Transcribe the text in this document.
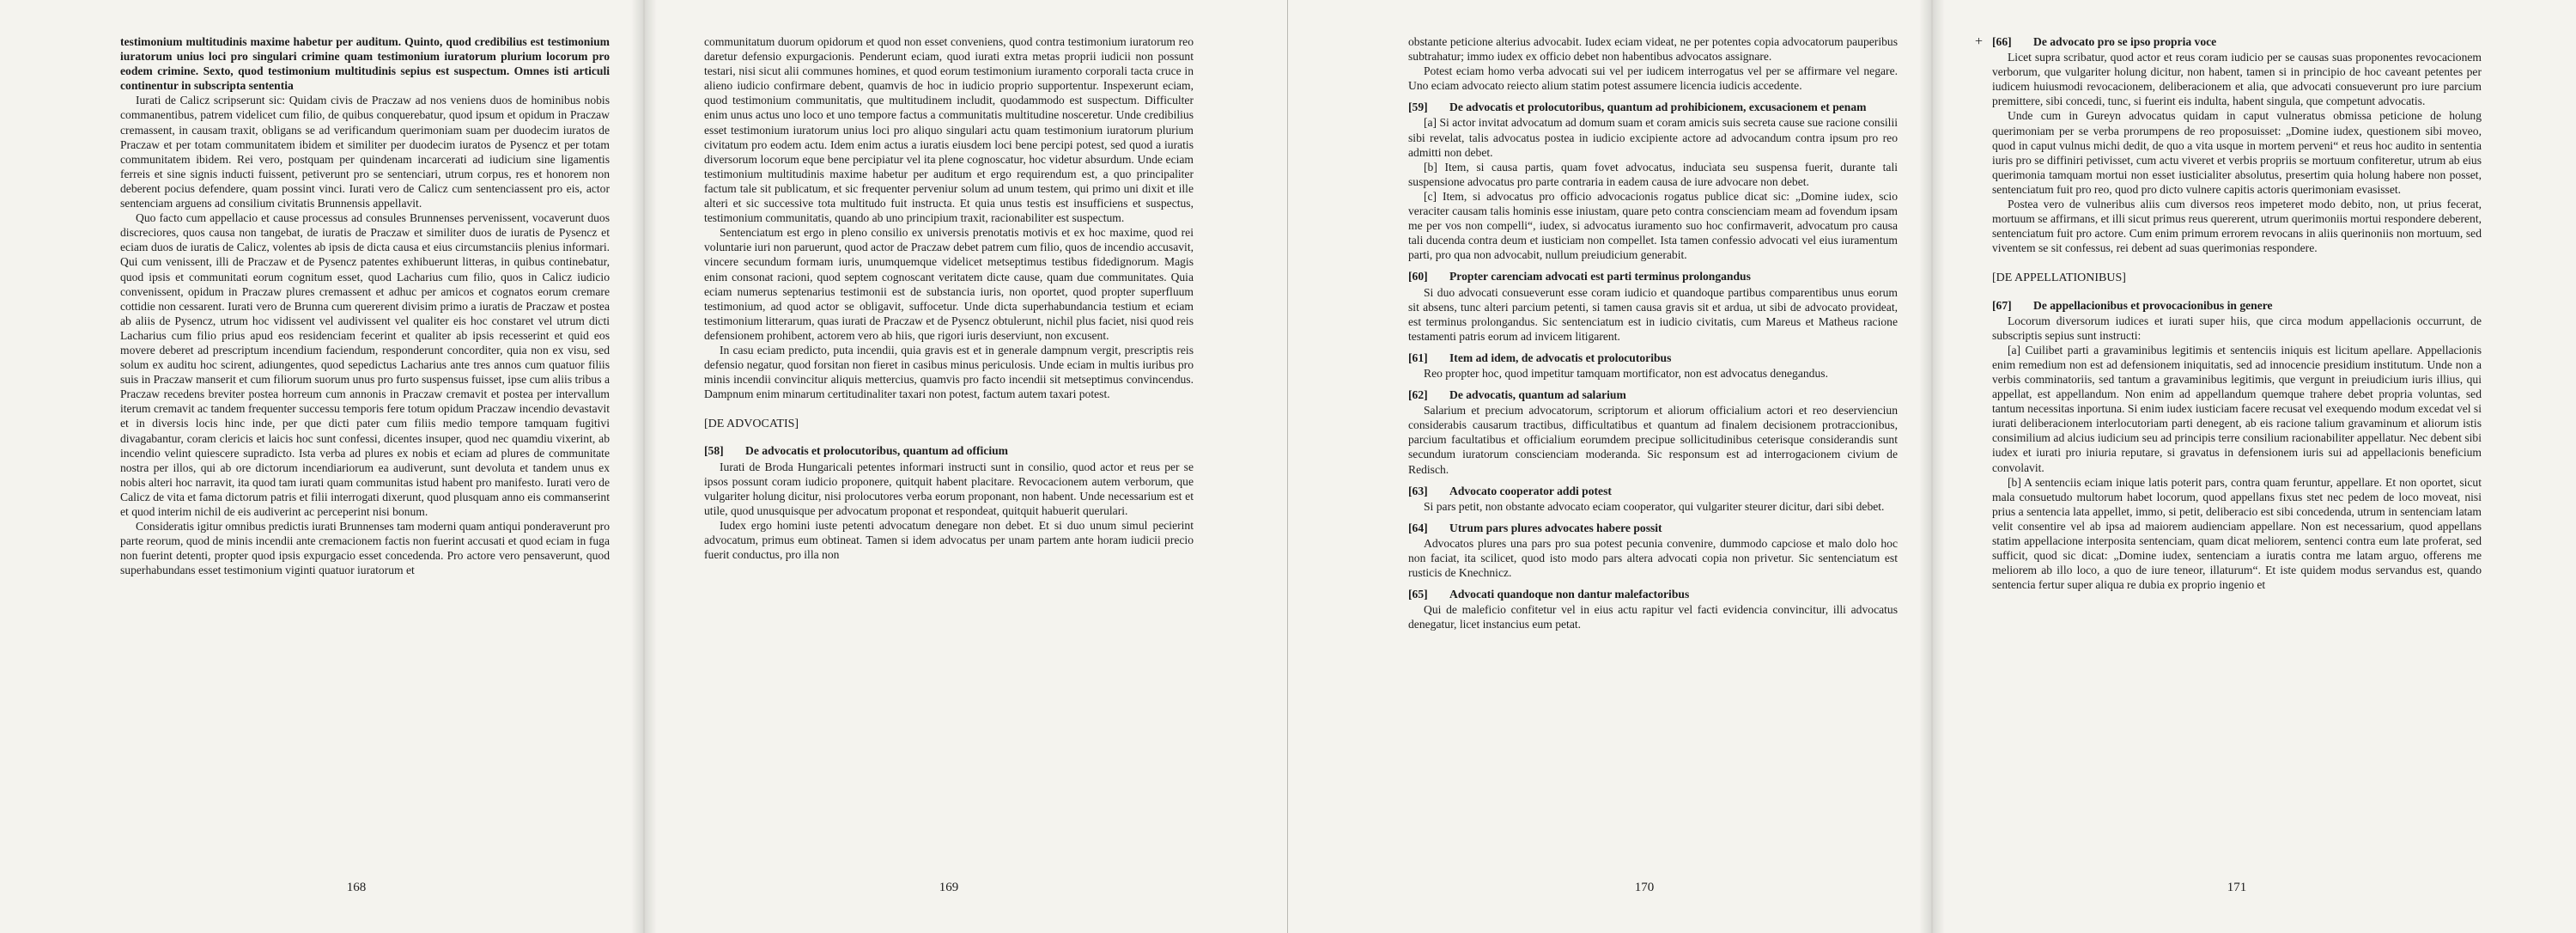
testimonium multitudinis maxime habetur per auditum. Quinto, quod credibilius est testimonium iuratorum unius loci pro singulari crimine quam testimonium iuratorum plurium locorum pro eodem crimine. Sexto, quod testimonium multitudinis sepius est suspectum. Omnes isti articuli continentur in subscripta sententia

Iurati de Calicz scripserunt sic: Quidam civis de Praczaw ad nos veniens duos de hominibus nobis commanentibus, patrem videlicet cum filio, de quibus conquerebatur, quod ipsum et opidum in Praczaw cremassent, in causam traxit, obligans se ad verificandum querimoniam suam per duodecim iuratos de Praczaw et per totam communitatem ibidem et similiter per duodecim iuratos de Pysencz et per totam communitatem ibidem. Rei vero, postquam per quindenam incarcerati ad iudicium sine ligamentis ferreis et sine signis inducti fuissent, petiverunt pro se sentenciari, utrum corpus, res et honorem non deberent pocius defendere, quam possint vinci. Iurati vero de Calicz cum sentenciassent pro eis, actor sentenciam arguens ad consilium civitatis Brunnensis appellavit.

Quo facto cum appellacio et cause processus ad consules Brunnenses pervenissent, vocaverunt duos discreciores, quos causa non tangebat, de iuratis de Praczaw et similiter duos de iuratis de Pysencz et eciam duos de iuratis de Calicz, volentes ab ipsis de dicta causa et eius circumstanciis plenius informari. Qui cum venissent, illi de Praczaw et de Pysencz patentes exhibuerunt litteras, in quibus continebatur, quod ipsis et communitati eorum cognitum esset, quod Lacharius cum filio, quos in Calicz iudicio convenissent, opidum in Praczaw plures cremassent et adhuc per amicos et cognatos eorum cremare cottidie non cessarent. Iurati vero de Brunna cum quererent divisim primo a iuratis de Praczaw et postea ab aliis de Pysencz, utrum hoc vidissent vel audivissent vel qualiter eis hoc constaret vel utrum dicti Lacharius cum filio prius apud eos residenciam fecerint et qualiter ab ipsis recesserint et quid eos movere deberet ad prescriptum incendium faciendum, responderunt concorditer, quia non ex visu, sed solum ex auditu hoc scirent, adiungentes, quod sepedictus Lacharius ante tres annos cum quatuor filiis suis in Praczaw manserit et cum filiorum suorum unus pro furto suspensus fuisset, ipse cum aliis tribus a Praczaw recedens breviter posteа horreum cum annonis in Praczaw cremavit et postea per intervallum iterum cremavit ac tandem frequenter successu temporis fere totum opidum Praczaw incendio devastavit et in diversis locis hinc inde, per que dicti pater cum filiis medio tempore tamquam fugitivi divagabantur, coram clericis et laicis hoc sunt confessi, dicentes insuper, quod nec quamdiu vixerint, ab incendio velint quiescere supradicto. Ista verba ad plures ex nobis et eciam ad plures de communitate nostra per illos, qui ab ore dictorum incendiariorum ea audiverunt, sunt devoluta et tandem unus ex nobis alteri hoc narravit, ita quod tam iurati quam communitas istud habent pro manifesto. Iurati vero de Calicz de vita et fama dictorum patris et filii interrogati dixerunt, quod plusquam anno eis commanserint et quod interim nichil de eis audiverint ac perceperint nisi bonum.

Consideratis igitur omnibus predictis iurati Brunnenses tam moderni quam antiqui ponderaverunt pro parte reorum, quod de minis incendii ante cremacionem factis non fuerint accusati et quod eciam in fuga non fuerint detenti, propter quod ipsis expurgacio esset concedenda. Pro actore vero pensaverunt, quod superhabundans esset testimonium viginti quatuor iuratorum et

168

communitatum duorum opidorum et quod non esset conveniens, quod contra testimonium iuratorum reo daretur defensio expurgacionis. Penderunt eciam, quod iurati extra metas proprii iudicii non possunt testari, nisi sicut alii communes homines, et quod eorum testimonium iuramento corporali tacta cruce in alieno iudicio confirmare debent, quamvis de hoc in iudicio proprio supportentur. Inspexerunt eciam, quod testimonium communitatis, que multitudinem includit, quodammodo est suspectum. Difficulter enim unus actus uno loco et uno tempore factus a communitatis multitudine nosceretur. Unde credibilius esset testimonium iuratorum unius loci pro aliquo singulari actu quam testimonium iuratorum plurium civitatum pro eodem actu. Idem enim actus a iuratis eiusdem loci bene percipi potest, sed quod a iuratis diversorum locorum eque bene percipiatur vel ita plene cognoscatur, hoc videtur absurdum. Unde eciam testimonium multitudinis maxime habetur per auditum et ergo requirendum est, a quo principaliter factum tale sit publicatum, et sic frequenter perveniur solum ad unum testem, qui primo uni dixit et ille alteri et sic successive tota multitudo fuit instructa. Et quia unus testis est insufficiens et suspectus, testimonium communitatis, quando ab uno principium traxit, racionabiliter est suspectum.

Sentenciatum est ergo in pleno consilio ex universis prenotatis motivis et ex hoc maxime, quod rei voluntarie iuri non paruerunt, quod actor de Praczaw debet patrem cum filio, quos de incendio accusavit, vincere secundum formam iuris, unumquemque videlicet metseptimus testibus fidedignorum. Magis enim consonat racioni, quod septem cognoscant veritatem dicte cause, quam due communitates. Quia eciam numerus septenarius testimonii est de substancia iuris, non oportet, quod propter superfluum testimonium, ad quod actor se obligavit, suffocetur. Unde dicta superhabundancia testium et eciam testimonium litterarum, quas iurati de Praczaw et de Pysencz obtulerunt, nichil plus faciet, nisi quod reis defensionem prohibent, actorem vero ab hiis, que rigori iuris deserviunt, non excusent.

In casu eciam predicto, puta incendii, quia gravis est et in generale dampnum vergit, prescriptis reis defensio negatur, quod forsitan non fieret in casibus minus periculosis. Unde eciam in multis iuribus pro minis incendii convincitur aliquis mettercius, quamvis pro facto incendii sit metseptimus convincendus. Dampnum enim minarum certitudinaliter taxari non potest, factum autem taxari potest.

[DE ADVOCATIS]

[58]	De advocatis et prolocutoribus, quantum ad officium

Iurati de Broda Hungaricali petentes informari instructi sunt in consilio, quod actor et reus per se ipsos possunt coram iudicio proponere, quitquit habent placitare. Revocacionem autem verborum, que vulgariter holung dicitur, nisi prolocutores verba eorum proponant, non habent. Unde necessarium est et utile, quod unusquisque per advocatum proponat et respondeat, quitquit habuerit querulari.

Iudex ergo homini iuste petenti advocatum denegare non debet. Et si duo unum simul pecierint advocatum, primus eum obtineat. Tamen si idem advocatus per unam partem ante horam iudicii precio fuerit conductus, pro illa non

169

obstante peticione alterius advocabit. Iudex eciam videat, ne per potentes copia advocatorum pauperibus subtrahatur; immo iudex ex officio debet non habentibus advocatos assignare.

Potest eciam homo verba advocati sui vel per iudicem interrogatus vel per se affirmare vel negare. Uno eciam advocato reiecto alium statim potest assumere licencia iudicis accedente.

[59]	De advocatis et prolocutoribus, quantum ad prohibicionem, excusacionem et penam

[a] Si actor invitat advocatum ad domum suam et coram amicis suis secreta cause sue racione consilii sibi revelat, talis advocatus postea in iudicio excipiente actore ad advocandum contra ipsum pro reo admitti non debet.

[b] Item, si causa partis, quam fovet advocatus, inducìata seu suspensa fuerit, durante tali suspensione advocatus pro parte contraria in eadem causa de iure advocare non debet.

[c] Item, si advocatus pro officio advocacionis rogatus publice dicat sic: „Domine iudex, scio veraciter causam talis hominis esse iniustam, quare peto contra conscienciam meam ad fovendum ipsam me per vos non compelli“, iudex, si advocatus iuramento suo hoc confirmaverit, advocatum pro causa tali ducenda contra deum et iusticiam non compellet. Ista tamen confessio advocati vel eius iuramentum parti, pro qua non advocabit, nullum preiudicium generabit.

[60]	Propter carenciam advocati est parti terminus prolongandus

Si duo advocati consueverunt esse coram iudicio et quandoque partibus comparentibus unus eorum sit absens, tunc alteri parcium petenti, si tamen causa gravis sit et ardua, ut sibi de advocato provideat, est terminus prolongandus. Sic sentenciatum est in iudicio civitatis, cum Mareus et Matheus racione testamenti patris eorum ad invicem litigarent.

[61]	Item ad idem, de advocatis et prolocutoribus

Reo propter hoc, quod impetitur tamquam mortificator, non est advocatus denegandus.

[62]	De advocatis, quantum ad salarium

Salarium et precium advocatorum, scriptorum et aliorum officialium actori et reo deservienciun considerabis causarum tractibus, difficultatibus et quantum ad finalem decisionem protraccionibus, parcium facultatibus et officialium eorumdem precipue sollicitudinibus ceterisque considerandis sunt secundum iuratorum conscienciam moderanda. Sic responsum est ad interrogacionem civium de Redisch.

[63]	Advocato cooperator addi potest

Si pars petit, non obstante advocato eciam cooperator, qui vulgariter steurer dicitur, dari sibi debet.

[64]	Utrum pars plures advocates habere possit

Advocatos plures una pars pro sua potest pecunia convenire, dummodo capciose et malo dolo hoc non faciat, ita scilicet, quod isto modo pars altera advocati copia non privetur. Sic sentenciatum est rusticis de Knechnicz.

[65]	Advocati quandoque non dantur malefactoribus

Qui de maleficio confitetur vel in eius actu rapitur vel facti evidencia convincitur, illi advocatus denegatur, licet instancius eum petat.

170
+ [66]	De advocato pro se ipso propria voce

Licet supra scribatur, quod actor et reus coram iudicio per se causas suas proponentes revocacionem verborum, que vulgariter holung dicitur, non habent, tamen si in principio de hoc caveant petentes per iudicem huiusmodi revocacionem, deliberacionem et alia, que advocati consueverunt pro iure parcium premittere, sibi concedi, tunc, si fuerint eis indulta, habent singula, que competunt advocatis.

Unde cum in Gureyn advocatus quidam in caput vulneratus obmissa peticione de holung querimoniam per se verba prorumpens de reo proposuisset: „Domine iudex, questionem sibi moveo, quod in caput vulnus michi dedit, de quo a vita usque in mortem perveni“ et reus hoc audito in sententia iuris pro se diffiniri petivisset, cum actu viveret et verbis propriis se mortuum confiteretur, utrum ab eius querimonia tamquam mortui non esset iusticialiter absolutus, presertim quia holung habere non posset, sentenciatum fuit pro reo, quod pro dicto vulnere capitis actoris querimoniam evasisset.

Postea vero de vulneribus aliis cum diversos reos impeteret modo debito, non, ut prius fecerat, mortuum se affirmans, et illi sicut primus reus quererent, utrum querimoniis mortui respondere deberent, sentenciatum fuit pro actore. Cum enim primum errorem revocans in aliis querinoniis non mortuum, sed viventem se sit confessus, rei debent ad suas querimonias respondere.

[DE APPELLATIONIBUS]

[67]	De appellacionibus et provocacionibus in genere

Locorum diversorum iudices et iurati super hiis, que circa modum appellacionis occurrunt, de subscriptis sepius sunt instructi:

[a] Cuilibet parti a gravaminibus legitimis et sentenciis iniquis est licitum apellare. Appellacionis enim remedium non est ad defensionem iniquitatis, sed ad innocencie presidium institutum. Unde non a verbis comminatoriis, sed tantum a gravaminibus legitimis, que vergunt in preiudicium iuris illius, qui appellat, est appellandum. Non enim ad appellandum quemque trahere debet propria voluntas, sed tantum necessitas inportuna. Si enim iudex iusticiam facere recusat vel exequendo modum excedat vel si iurati deliberacionem interlocutoriam parti denegent, ab eis racione talium gravaminum et aliorum istis consimilium ad alcius iudicium seu ad principis terre consilium racionabiliter appellatur. Nec debent sibi iudex et iurati pro iniuria reputare, si gravatus in defensionem iuris sui ad appellacionis beneficium convolavit.

[b] A sentenciis eciam inique latis poterit pars, contra quam feruntur, appellare. Et non oportet, sicut mala consuetudo multorum habet locorum, quod appellans fixus stet nec pedem de loco moveat, nisi prius a sentencia lata appellet, immo, si petit, deliberacio est sibi concedenda, utrum in sentenciam latam velit consentire vel ab ipsa ad maiorem audienciam appellare. Non est necessarium, quod appellans statim appellacione interposita sentenciam, quam dicat meliorem, sentenci contra eum late proferat, sed sufficit, quod sic dicat: „Domine iudex, sentenciam a iuratis contra me latam arguo, offerens me meliorem ab illo loco, a quo de iure teneor, illaturum“. Et iste quidem modus servandus est, quando sentencia fertur super aliqua re dubia ex proprio ingenio et

171
